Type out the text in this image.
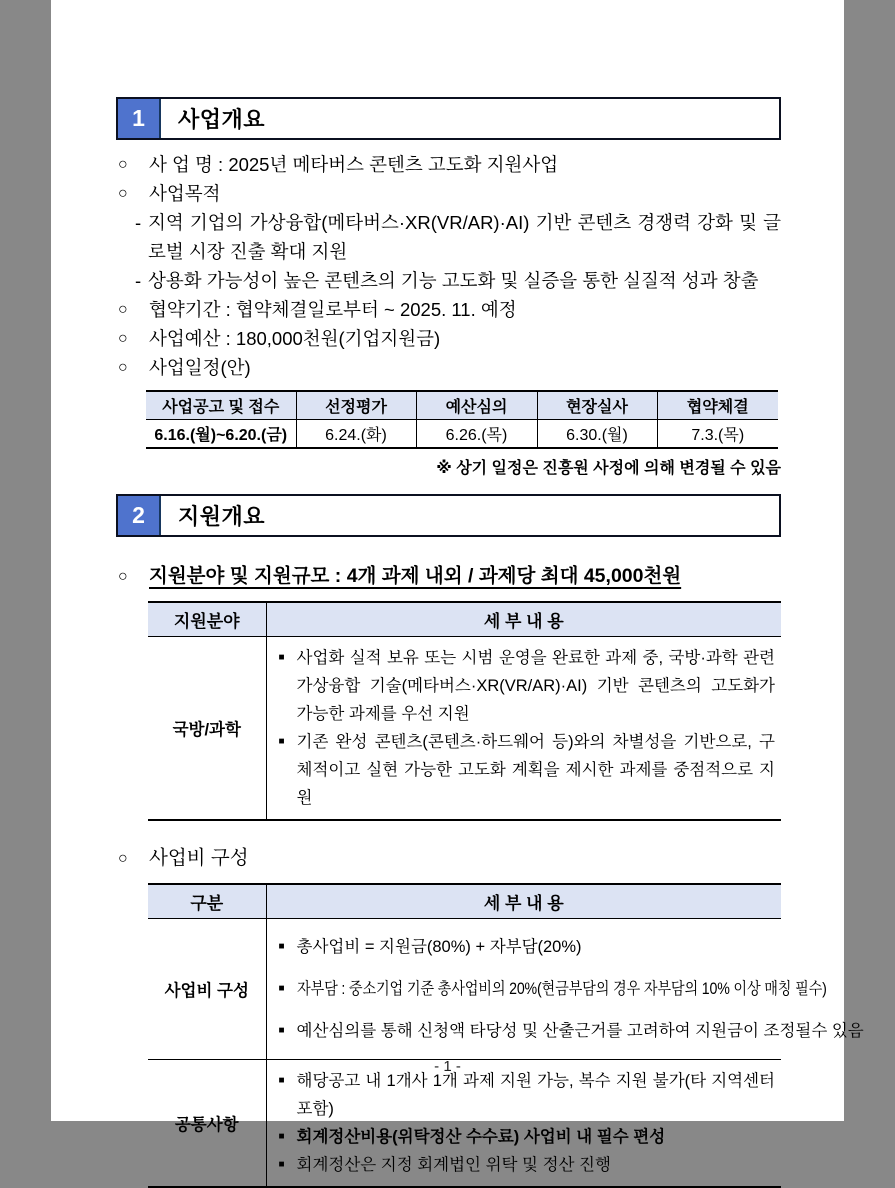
1	사업개요
○ 사 업 명 : 2025년 메타버스 콘텐츠 고도화 지원사업
○ 사업목적
- 지역 기업의 가상융합(메타버스·XR(VR/AR)·AI) 기반 콘텐츠 경쟁력 강화 및 글로벌 시장 진출 확대 지원
- 상용화 가능성이 높은 콘텐츠의 기능 고도화 및 실증을 통한 실질적 성과 창출
○ 협약기간 : 협약체결일로부터 ~ 2025. 11. 예정
○ 사업예산 : 180,000천원(기업지원금)
○ 사업일정(안)
사업공고 및 접수	선정평가	예산심의	현장실사	협약체결
6.16.(월)~6.20.(금)	6.24.(화)	6.26.(목)	6.30.(월)	7.3.(목)
※ 상기 일정은 진흥원 사정에 의해 변경될 수 있음
2	지원개요
○ 지원분야 및 지원규모 : 4개 과제 내외 / 과제당 최대 45,000천원
지원분야	세 부 내 용
국방/과학	■ 사업화 실적 보유 또는 시범 운영을 완료한 과제 중, 국방·과학 관련 가상융합 기술(메타버스·XR(VR/AR)·AI) 기반 콘텐츠의 고도화가 가능한 과제를 우선 지원
■ 기존 완성 콘텐츠(콘텐츠·하드웨어 등)와의 차별성을 기반으로, 구체적이고 실현 가능한 고도화 계획을 제시한 과제를 중점적으로 지원
○ 사업비 구성
구분	세 부 내 용
사업비 구성	■ 총사업비 = 지원금(80%) + 자부담(20%)
■ 자부담 : 중소기업 기준 총사업비의 20%(현금부담의 경우 자부담의 10% 이상 매칭 필수)
■ 예산심의를 통해 신청액 타당성 및 산출근거를 고려하여 지원금이 조정될수 있음

공통사항	■ 해당공고 내 1개사 1개 과제 지원 가능, 복수 지원 불가(타 지역센터 포함)
■ 회계정산비용(위탁정산 수수료) 사업비 내 필수 편성
■ 회계정산은 지정 회계법인 위탁 및 정산 진행
- 1 -
